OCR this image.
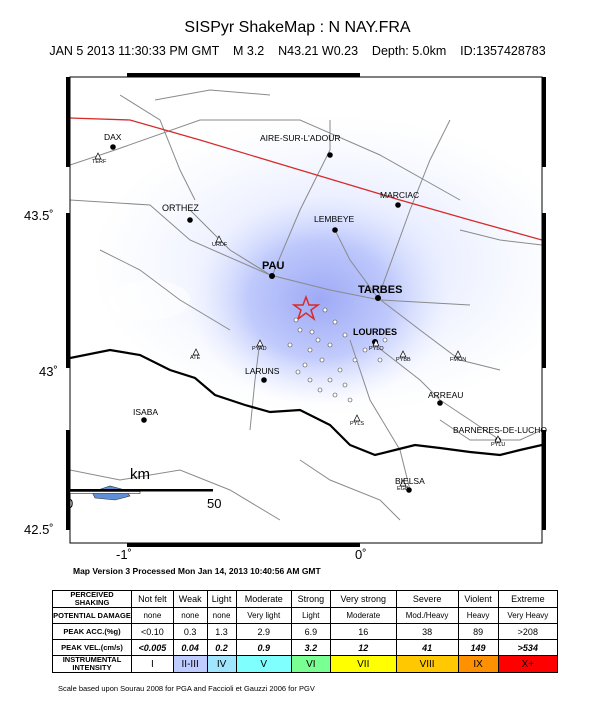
SISPyr ShakeMap : N NAY.FRA
JAN 5 2013 11:30:33 PM GMT    M 3.2    N43.21 W0.23    Depth: 5.0km    ID:1357428783
DAX	AIRE-SUR-L'ADOUR
MARCIAC
ORTHEZ
LEMBEYE
PAU
TARBES
LOURDES
LARUNS
ARREAU
ISABA
BARNERES-DE-LUCHO
BIELSA
TERF
URDF
ATE
PYAD	PYLO
PYBB	FMON
PYLS
PYLU
EGB
km
0	50
43.5˚
43˚
42.5˚
-1˚	0˚
Map Version 3 Processed Mon Jan 14, 2013 10:40:56 AM GMT
PERCEIVED SHAKING	Not felt	Weak	Light	Moderate	Strong	Very strong	Severe	Violent	Extreme
POTENTIAL DAMAGE	none	none	none	Very light	Light	Moderate	Mod./Heavy	Heavy	Very Heavy
PEAK ACC.(%g)	<0.10	0.3	1.3	2.9	6.9	16	38	89	>208
PEAK VEL.(cm/s)	<0.005	0.04	0.2	0.9	3.2	12	41	149	>534
INSTRUMENTAL INTENSITY	I	II-III	IV	V	VI	VII	VIII	IX	X+
Scale based upon Sourau 2008 for PGA and Faccioli et Gauzzi 2006 for PGV
